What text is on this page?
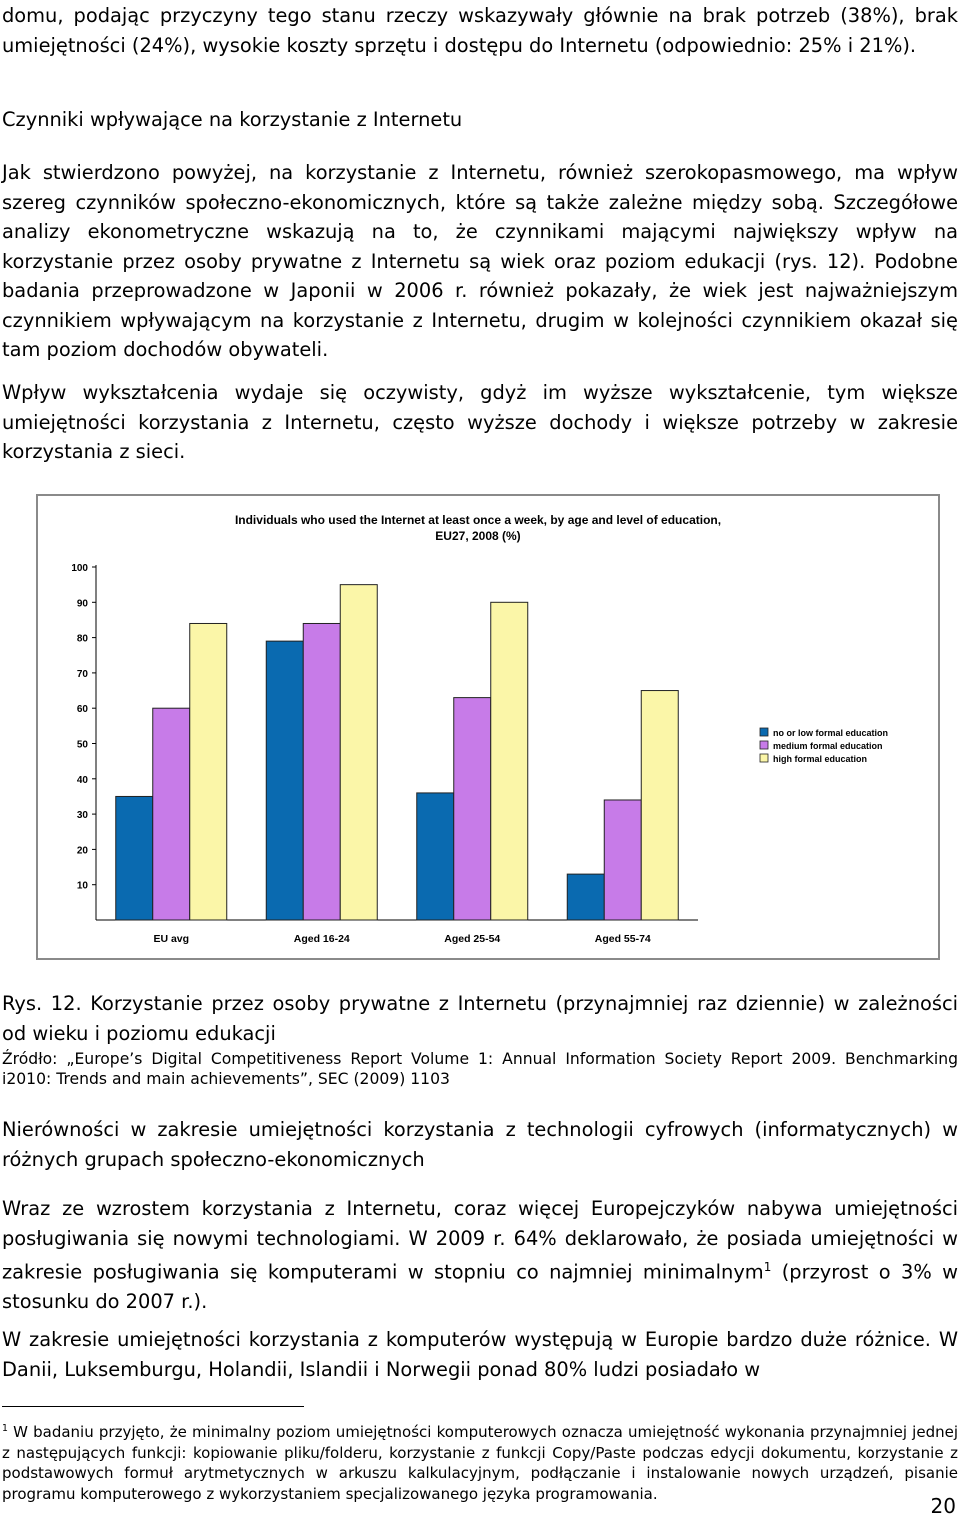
domu, podając przyczyny tego stanu rzeczy wskazywały głównie na brak potrzeb (38%), brak umiejętności (24%), wysokie koszty sprzętu i dostępu do Internetu (odpowiednio: 25% i 21%).

Czynniki wpływające na korzystanie z Internetu

Jak stwierdzono powyżej, na korzystanie z Internetu, również szerokopasmowego, ma wpływ szereg czynników społeczno-ekonomicznych, które są także zależne między sobą. Szczegółowe analizy ekonometryczne wskazują na to, że czynnikami mającymi największy wpływ na korzystanie przez osoby prywatne z Internetu są wiek oraz poziom edukacji (rys. 12). Podobne badania przeprowadzone w Japonii w 2006 r. również pokazały, że wiek jest najważniejszym czynnikiem wpływającym na korzystanie z Internetu, drugim w kolejności czynnikiem okazał się tam poziom dochodów obywateli.

Wpływ wykształcenia wydaje się oczywisty, gdyż im wyższe wykształcenie, tym większe umiejętności korzystania z Internetu, często wyższe dochody i większe potrzeby w zakresie korzystania z sieci.

Individuals who used the Internet at least once a week, by age and level of education,
EU27, 2008 (%)
10
20
30
40
50
60
70
80
90
100
EU avg	Aged 16-24	Aged 25-54	Aged 55-74
no or low formal education
medium formal education
high formal education

Rys. 12. Korzystanie przez osoby prywatne z Internetu (przynajmniej raz dziennie) w zależności od wieku i poziomu edukacji

Źródło: „Europe’s Digital Competitiveness Report Volume 1: Annual Information Society Report 2009. Benchmarking i2010: Trends and main achievements”, SEC (2009) 1103

Nierówności w zakresie umiejętności korzystania z technologii cyfrowych (informatycznych) w różnych grupach społeczno-ekonomicznych

Wraz ze wzrostem korzystania z Internetu, coraz więcej Europejczyków nabywa umiejętności posługiwania się nowymi technologiami. W 2009 r. 64% deklarowało, że posiada umiejętności w zakresie posługiwania się komputerami w stopniu co najmniej minimalnym$^1$ (przyrost o 3% w stosunku do 2007 r.).

W zakresie umiejętności korzystania z komputerów występują w Europie bardzo duże różnice. W Danii, Luksemburgu, Holandii, Islandii i Norwegii ponad 80% ludzi posiadało w

$^1$ W badaniu przyjęto, że minimalny poziom umiejętności komputerowych oznacza umiejętność wykonania przynajmniej jednej z następujących funkcji: kopiowanie pliku/folderu, korzystanie z funkcji Copy/Paste podczas edycji dokumentu, korzystanie z podstawowych formuł arytmetycznych w arkuszu kalkulacyjnym, podłączanie i instalowanie nowych urządzeń, pisanie programu komputerowego z wykorzystaniem specjalizowanego języka programowania.

20
